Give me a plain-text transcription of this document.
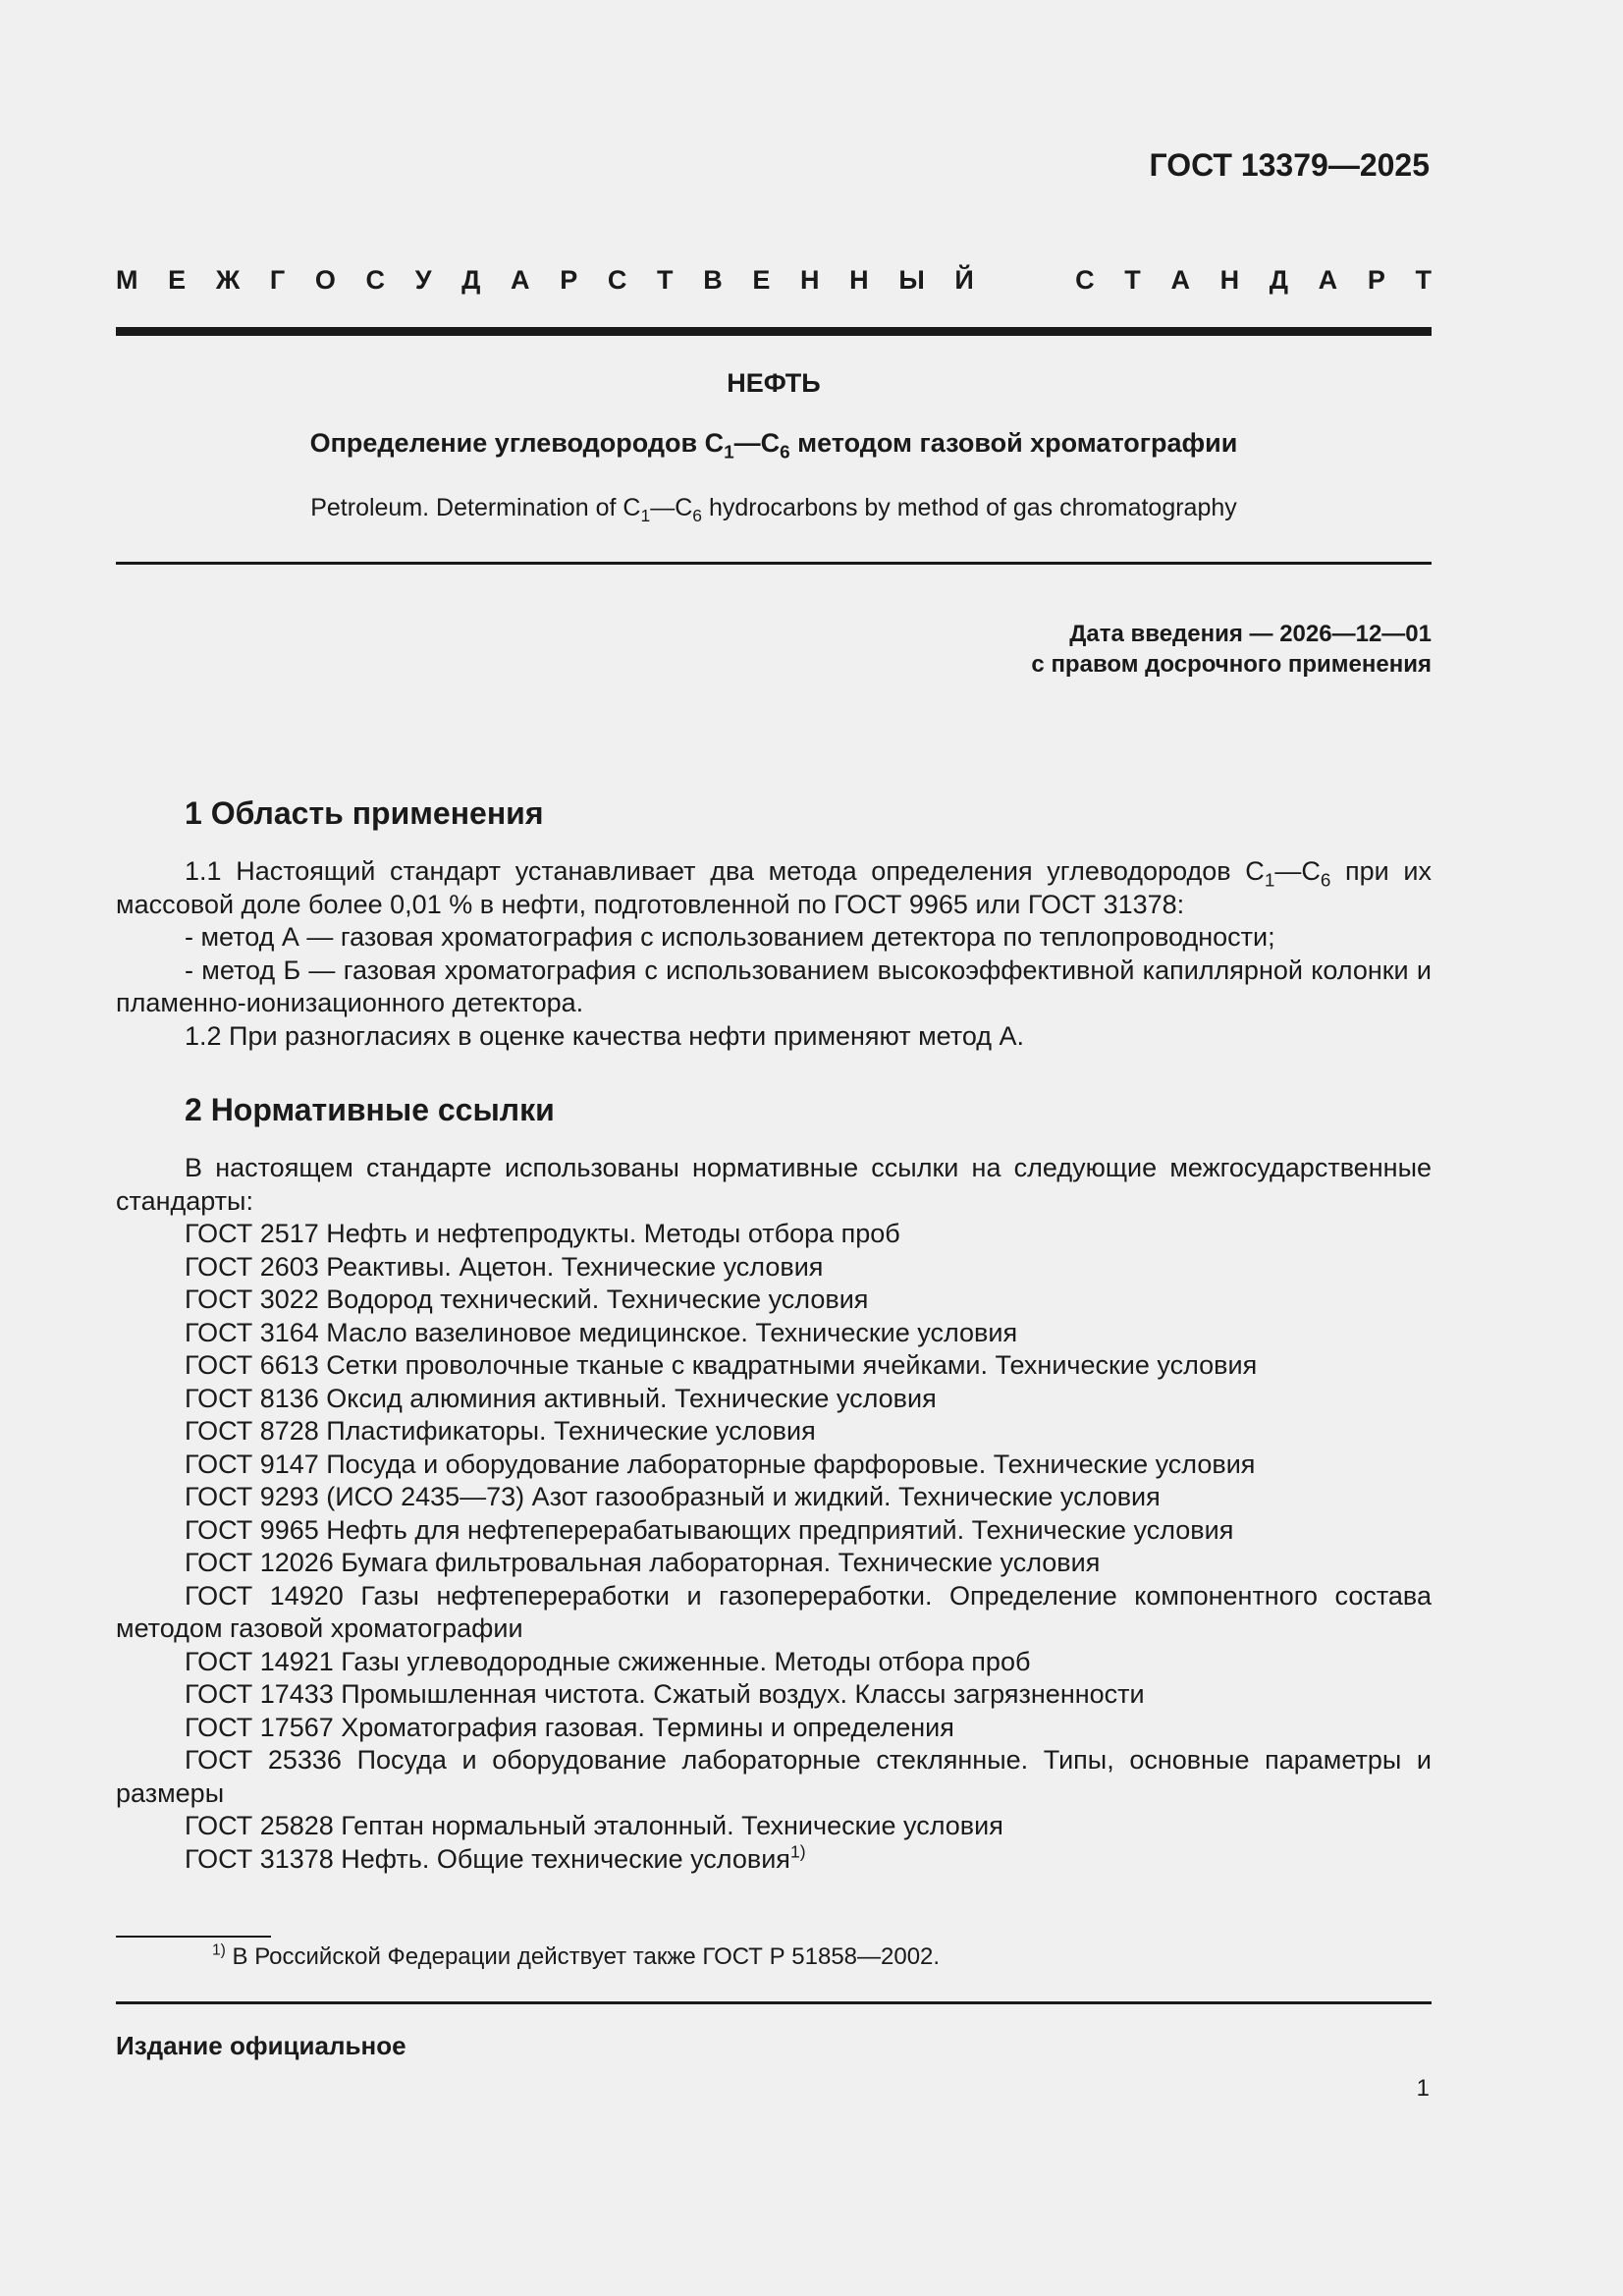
ГОСТ 13379—2025
М Е Ж Г О С У Д А Р С Т В Е Н Н Ы Й	С Т А Н Д А Р Т
НЕФТЬ
Определение углеводородов $С_1—С_6$ методом газовой хроматографии
Petroleum. Determination of $C_1—C_6$ hydrocarbons by method of gas chromatography
Дата введения — 2026—12—01
с правом досрочного применения
1 Область применения

1.1 Настоящий стандарт устанавливает два метода определения углеводородов $С_1—С_6$ при их массовой доле более 0,01 % в нефти, подготовленной по ГОСТ 9965 или ГОСТ 31378:

- метод А — газовая хроматография с использованием детектора по теплопроводности;

- метод Б — газовая хроматография с использованием высокоэффективной капиллярной колонки и пламенно-ионизационного детектора.

1.2 При разногласиях в оценке качества нефти применяют метод А.

2 Нормативные ссылки

В настоящем стандарте использованы нормативные ссылки на следующие межгосударственные стандарты:

ГОСТ 2517 Нефть и нефтепродукты. Методы отбора проб

ГОСТ 2603 Реактивы. Ацетон. Технические условия

ГОСТ 3022 Водород технический. Технические условия

ГОСТ 3164 Масло вазелиновое медицинское. Технические условия

ГОСТ 6613 Сетки проволочные тканые с квадратными ячейками. Технические условия

ГОСТ 8136 Оксид алюминия активный. Технические условия

ГОСТ 8728 Пластификаторы. Технические условия

ГОСТ 9147 Посуда и оборудование лабораторные фарфоровые. Технические условия

ГОСТ 9293 (ИСО 2435—73) Азот газообразный и жидкий. Технические условия

ГОСТ 9965 Нефть для нефтеперерабатывающих предприятий. Технические условия

ГОСТ 12026 Бумага фильтровальная лабораторная. Технические условия

ГОСТ 14920 Газы нефтепереработки и газопереработки. Определение компонентного состава методом газовой хроматографии

ГОСТ 14921 Газы углеводородные сжиженные. Методы отбора проб

ГОСТ 17433 Промышленная чистота. Сжатый воздух. Классы загрязненности

ГОСТ 17567 Хроматография газовая. Термины и определения

ГОСТ 25336 Посуда и оборудование лабораторные стеклянные. Типы, основные параметры и размеры

ГОСТ 25828 Гептан нормальный эталонный. Технические условия

ГОСТ 31378 Нефть. Общие технические условия$^{1)}$

$^{1)}$ В Российской Федерации действует также ГОСТ Р 51858—2002.
Издание официальное
1
